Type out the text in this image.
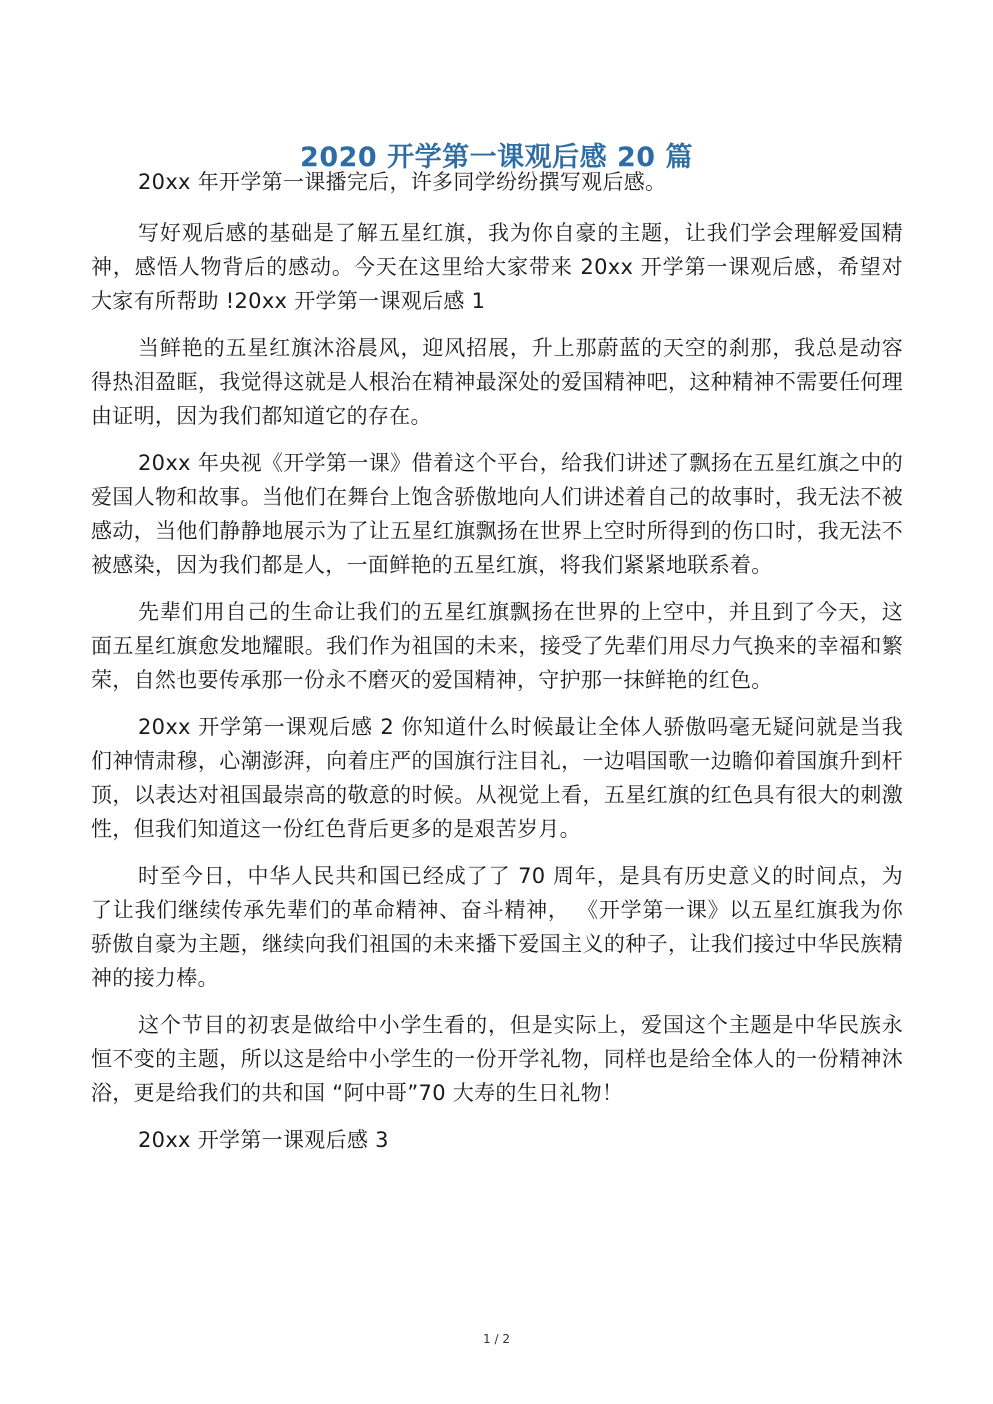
2020 开学第一课观后感 20 篇

20xx 年开学第一课播完后，许多同学纷纷撰写观后感。

写好观后感的基础是了解五星红旗，我为你自豪的主题，让我们学会理解爱国精神，感悟人物背后的感动。今天在这里给大家带来 20xx 开学第一课观后感，希望对大家有所帮助 !20xx 开学第一课观后感 1

当鲜艳的五星红旗沐浴晨风，迎风招展，升上那蔚蓝的天空的刹那，我总是动容得热泪盈眶，我觉得这就是人根治在精神最深处的爱国精神吧，这种精神不需要任何理由证明，因为我们都知道它的存在。

20xx 年央视《开学第一课》借着这个平台，给我们讲述了飘扬在五星红旗之中的爱国人物和故事。当他们在舞台上饱含骄傲地向人们讲述着自己的故事时，我无法不被感动，当他们静静地展示为了让五星红旗飘扬在世界上空时所得到的伤口时，我无法不被感染，因为我们都是人，一面鲜艳的五星红旗，将我们紧紧地联系着。

先辈们用自己的生命让我们的五星红旗飘扬在世界的上空中，并且到了今天，这面五星红旗愈发地耀眼。我们作为祖国的未来，接受了先辈们用尽力气换来的幸福和繁荣，自然也要传承那一份永不磨灭的爱国精神，守护那一抹鲜艳的红色。

20xx 开学第一课观后感 2 你知道什么时候最让全体人骄傲吗毫无疑问就是当我们神情肃穆，心潮澎湃，向着庄严的国旗行注目礼，一边唱国歌一边瞻仰着国旗升到杆顶，以表达对祖国最崇高的敬意的时候。从视觉上看，五星红旗的红色具有很大的刺激性，但我们知道这一份红色背后更多的是艰苦岁月。

时至今日，中华人民共和国已经成了了 70 周年，是具有历史意义的时间点，为了让我们继续传承先辈们的革命精神、奋斗精神， 《开学第一课》以五星红旗我为你骄傲自豪为主题，继续向我们祖国的未来播下爱国主义的种子，让我们接过中华民族精神的接力棒。

这个节目的初衷是做给中小学生看的，但是实际上，爱国这个主题是中华民族永恒不变的主题，所以这是给中小学生的一份开学礼物，同样也是给全体人的一份精神沐浴，更是给我们的共和国 “阿中哥”70 大寿的生日礼物！

20xx 开学第一课观后感 3

1 / 2
